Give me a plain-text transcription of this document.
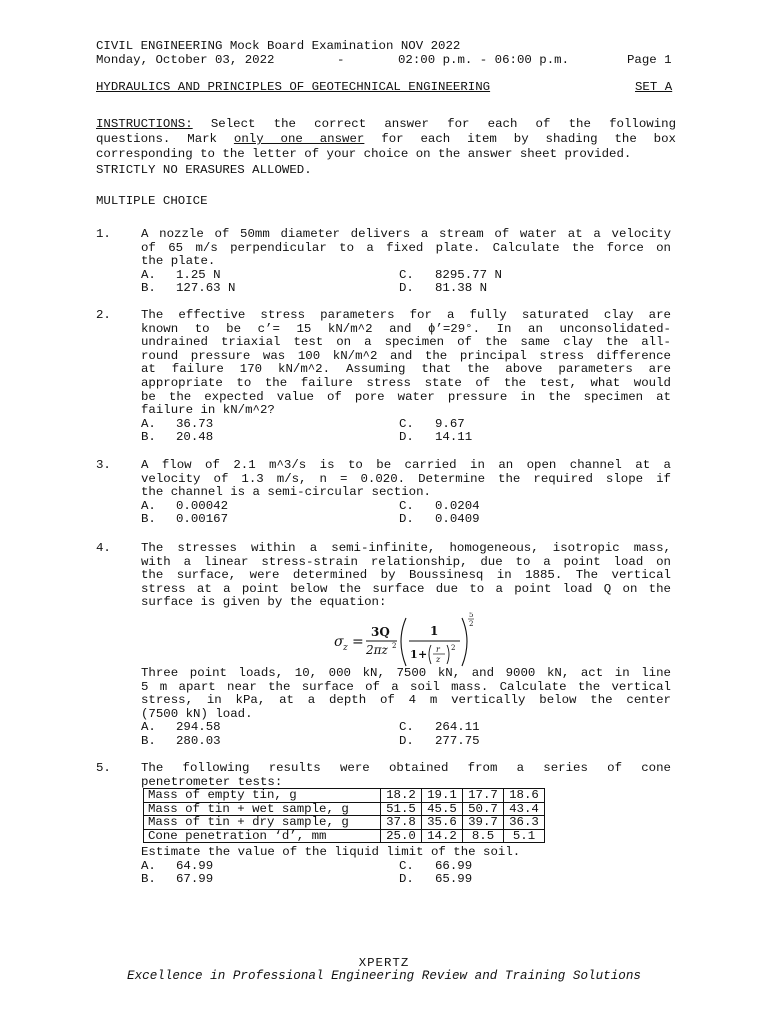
CIVIL ENGINEERING Mock Board Examination NOV 2022
Monday, October 03, 2022	-	02:00 p.m. - 06:00 p.m.	Page 1
HYDRAULICS AND PRINCIPLES OF GEOTECHNICAL ENGINEERING	SET A
INSTRUCTIONS: Select the correct answer for each of the following
questions. Mark only one answer for each item by shading the box
corresponding to the letter of your choice on the answer sheet provided.
STRICTLY NO ERASURES ALLOWED.
MULTIPLE CHOICE
1. A nozzle of 50mm diameter delivers a stream of water at a velocity
of 65 m/s perpendicular to a fixed plate. Calculate the force on
the plate.
A. 1.25 N	C. 8295.77 N
B. 127.63 N	D. 81.38 N
2. The effective stress parameters for a fully saturated clay are
known to be c’= 15 kN/m^2 and ϕ’=29°. In an unconsolidated-
undrained triaxial test on a specimen of the same clay the all-
round pressure was 100 kN/m^2 and the principal stress difference
at failure 170 kN/m^2. Assuming that the above parameters are
appropriate to the failure stress state of the test, what would
be the expected value of pore water pressure in the specimen at
failure in kN/m^2?
A. 36.73	C. 9.67
B. 20.48	D. 14.11
3. A flow of 2.1 m^3/s is to be carried in an open channel at a
velocity of 1.3 m/s, n = 0.020. Determine the required slope if
the channel is a semi-circular section.
A. 0.00042	C. 0.0204
B. 0.00167	D. 0.0409
4. The stresses within a semi-infinite, homogeneous, isotropic mass,
with a linear stress-strain relationship, due to a point load on
the surface, were determined by Boussinesq in 1885. The vertical
stress at a point below the surface due to a point load Q on the
surface is given by the equation:
σ z =
3Q
2πz 2
1
1 + r
z
2
5
2
Three point loads, 10, 000 kN, 7500 kN, and 9000 kN, act in line
5 m apart near the surface of a soil mass. Calculate the vertical
stress, in kPa, at a depth of 4 m vertically below the center
(7500 kN) load.
A. 294.58	C. 264.11
B. 280.03	D. 277.75
5. The following results were obtained from a series of cone
penetrometer tests:
Mass of empty tin, g	18.2	19.1	17.7	18.6
Mass of tin + wet sample, g	51.5	45.5	50.7	43.4
Mass of tin + dry sample, g	37.8	35.6	39.7	36.3
Cone penetration ‘d’, mm	25.0	14.2	8.5	5.1
Estimate the value of the liquid limit of the soil.
A. 64.99	C. 66.99
B. 67.99	D. 65.99
XPERTZ
Excellence in Professional Engineering Review and Training Solutions
